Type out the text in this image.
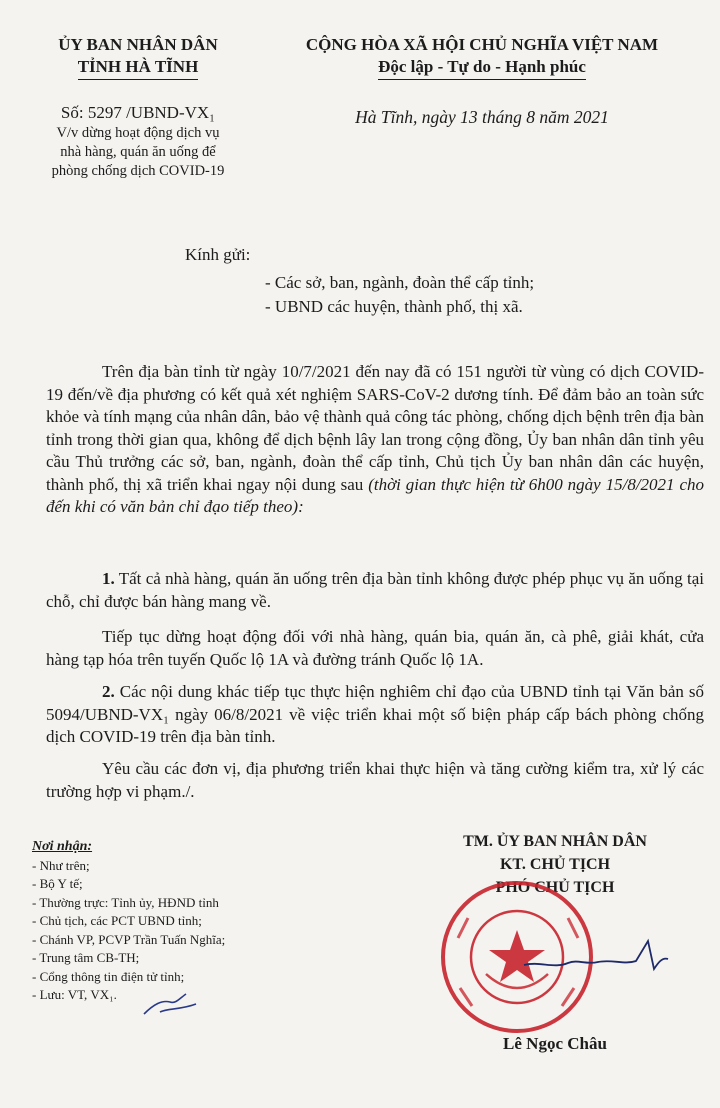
ỦY BAN NHÂN DÂN
TỈNH HÀ TĨNH
Số: 5297 /UBND-VX₁
V/v dừng hoạt động dịch vụ
nhà hàng, quán ăn uống để
phòng chống dịch COVID-19
CỘNG HÒA XÃ HỘI CHỦ NGHĨA VIỆT NAM
Độc lập - Tự do - Hạnh phúc
Hà Tĩnh, ngày 13 tháng 8 năm 2021
Kính gửi:
- Các sở, ban, ngành, đoàn thể cấp tỉnh;
- UBND các huyện, thành phố, thị xã.
Trên địa bàn tỉnh từ ngày 10/7/2021 đến nay đã có 151 người từ vùng có dịch COVID-19 đến/về địa phương có kết quả xét nghiệm SARS-CoV-2 dương tính. Để đảm bảo an toàn sức khỏe và tính mạng của nhân dân, bảo vệ thành quả công tác phòng, chống dịch bệnh trên địa bàn tỉnh trong thời gian qua, không để dịch bệnh lây lan trong cộng đồng, Ủy ban nhân dân tỉnh yêu cầu Thủ trưởng các sở, ban, ngành, đoàn thể cấp tỉnh, Chủ tịch Ủy ban nhân dân các huyện, thành phố, thị xã triển khai ngay nội dung sau (thời gian thực hiện từ 6h00 ngày 15/8/2021 cho đến khi có văn bản chỉ đạo tiếp theo):
1. Tất cả nhà hàng, quán ăn uống trên địa bàn tỉnh không được phép phục vụ ăn uống tại chỗ, chỉ được bán hàng mang về.
Tiếp tục dừng hoạt động đối với nhà hàng, quán bia, quán ăn, cà phê, giải khát, cửa hàng tạp hóa trên tuyến Quốc lộ 1A và đường tránh Quốc lộ 1A.
2. Các nội dung khác tiếp tục thực hiện nghiêm chỉ đạo của UBND tỉnh tại Văn bản số 5094/UBND-VX₁ ngày 06/8/2021 về việc triển khai một số biện pháp cấp bách phòng chống dịch COVID-19 trên địa bàn tỉnh.
Yêu cầu các đơn vị, địa phương triển khai thực hiện và tăng cường kiểm tra, xử lý các trường hợp vi phạm./.
Nơi nhận:
- Như trên;
- Bộ Y tế;
- Thường trực: Tỉnh ủy, HĐND tỉnh
- Chủ tịch, các PCT UBND tỉnh;
- Chánh VP, PCVP Trần Tuấn Nghĩa;
- Trung tâm CB-TH;
- Cổng thông tin điện tử tỉnh;
- Lưu: VT, VX₁.
TM. ỦY BAN NHÂN DÂN
KT. CHỦ TỊCH
PHÓ CHỦ TỊCH
Lê Ngọc Châu
